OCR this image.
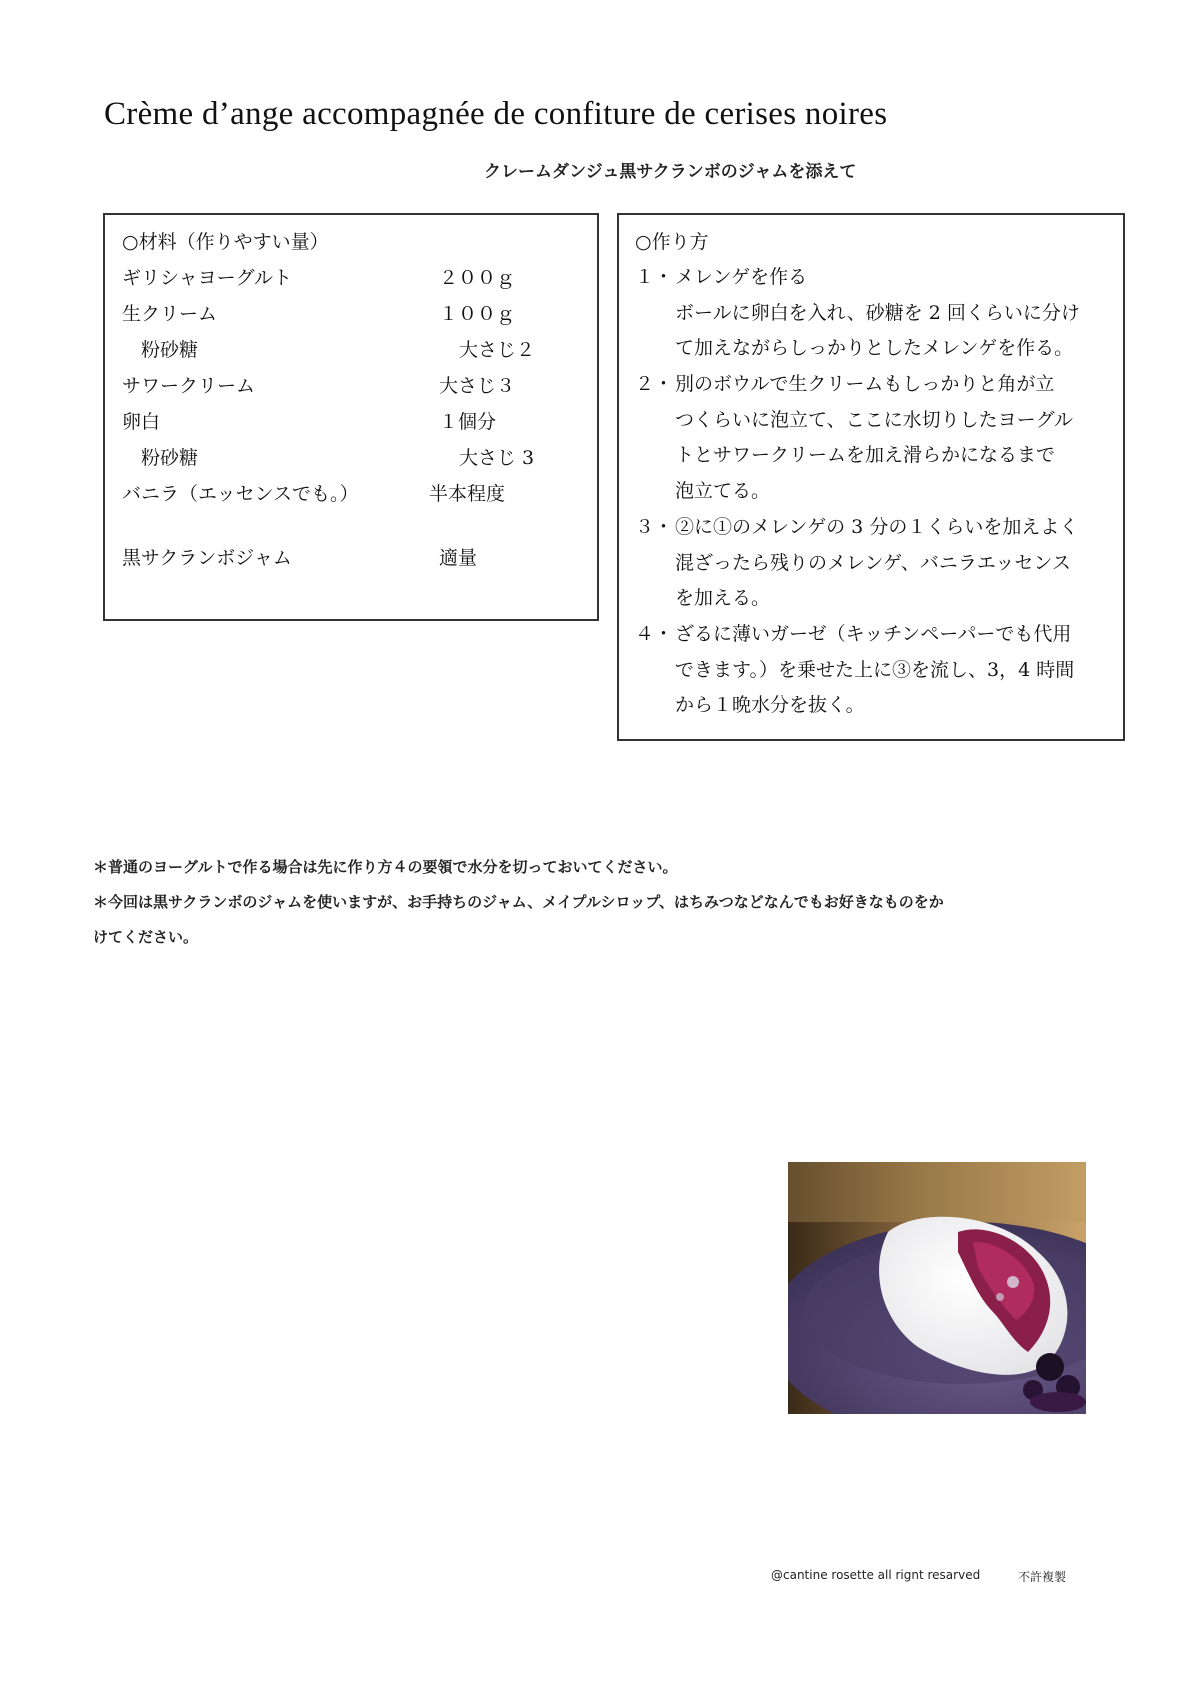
Crème d’ange accompagnée de confiture de cerises noires
クレームダンジュ黒サクランボのジャムを添えて
○材料（作りやすい量）
ギリシャヨーグルト	２００ｇ
生クリーム	１００ｇ
　粉砂糖	大さじ２
サワークリーム	大さじ３
卵白	１個分
　粉砂糖	大さじ 3
バニラ（エッセンスでも。）	半本程度
黒サクランボジャム	適量
○作り方
１・ メレンゲを作る
ボールに卵白を入れ、砂糖を 2 回くらいに分け
て加えながらしっかりとしたメレンゲを作る。
２・ 別のボウルで生クリームもしっかりと角が立
つくらいに泡立て、ここに水切りしたヨーグル
トとサワークリームを加え滑らかになるまで
泡立てる。
３・ ②に①のメレンゲの 3 分の１くらいを加えよく
混ざったら残りのメレンゲ、バニラエッセンス
を加える。
４・ ざるに薄いガーゼ（キッチンペーパーでも代用
できます。）を乗せた上に③を流し、3，4 時間
から１晩水分を抜く。
＊普通のヨーグルトで作る場合は先に作り方４の要領で水分を切っておいてください。
＊今回は黒サクランボのジャムを使いますが、お手持ちのジャム、メイプルシロップ、はちみつなどなんでもお好きなものをか
けてください。
@cantine rosette all rignt resarved	不許複製
